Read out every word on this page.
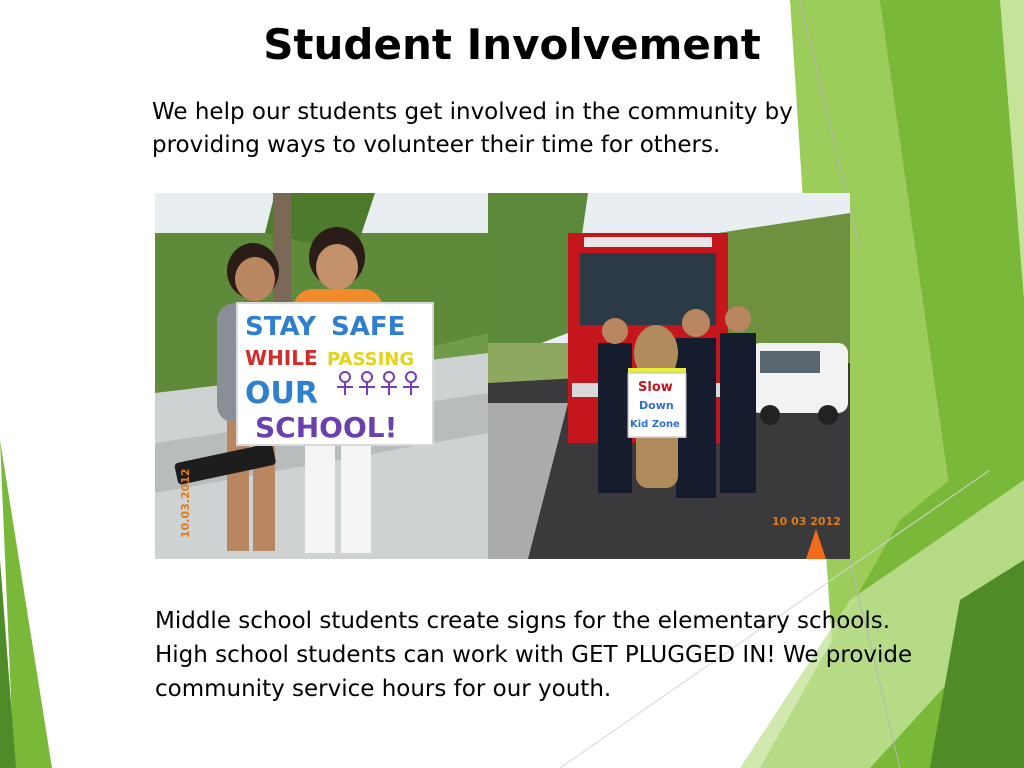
Student Involvement

We help our students get involved in the community by providing ways to volunteer their time for others.

STAY SAFE
WHILE PASSING
OUR
SCHOOL!
10.03.2012
Slow
Down
Kid Zone
10 03 2012

Middle school students create signs for the elementary schools. High school students can work with GET PLUGGED IN! We provide community service hours for our youth.
